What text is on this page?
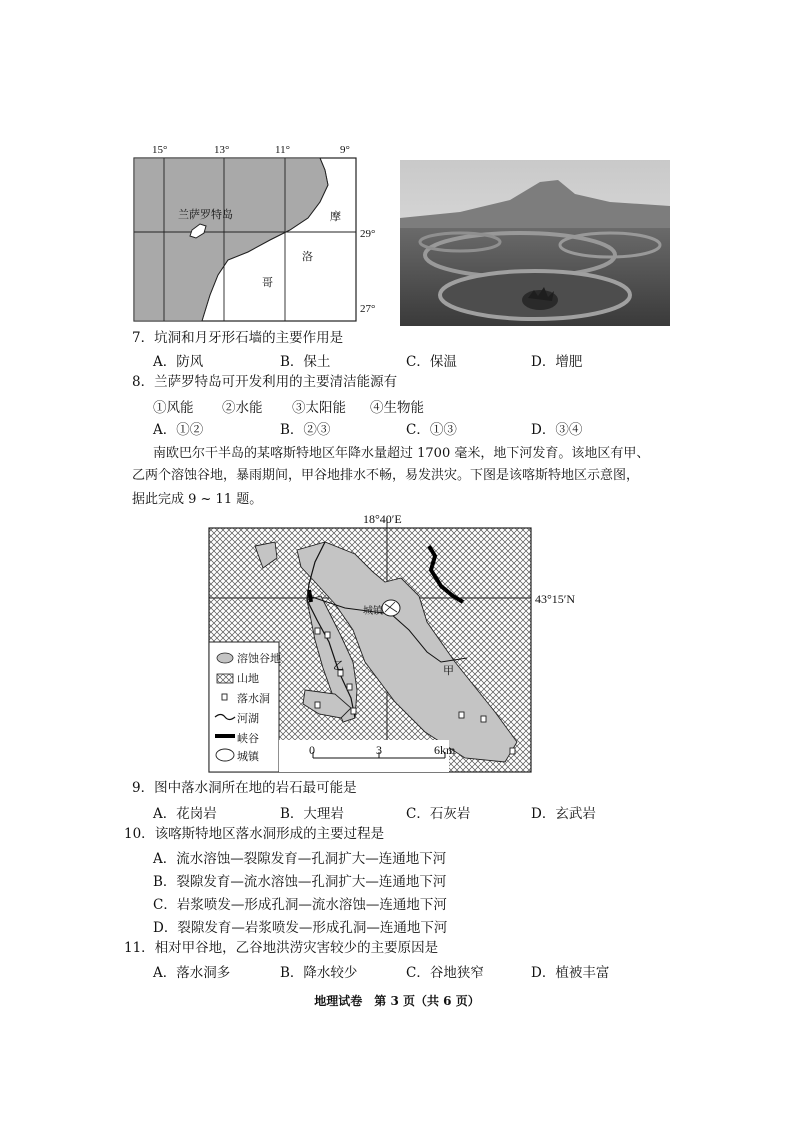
15°	13°	11°	9°
29°
27°
兰萨罗特岛	摩
洛
哥
7．坑洞和月牙形石墙的主要作用是
A．防风	B．保土	C．保温	D．增肥
8．兰萨罗特岛可开发利用的主要清洁能源有
①风能 ②水能 ③太阳能 ④生物能
A．①②	B．②③	C．①③	D．③④
南欧巴尔干半岛的某喀斯特地区年降水量超过 1700 毫米，地下河发育。该地区有甲、
乙两个溶蚀谷地，暴雨期间，甲谷地排水不畅，易发洪灾。下图是该喀斯特地区示意图，
据此完成 9 ~ 11 题。
18°40′E
43°15′N
城镇
甲
乙
溶蚀谷地
山地
落水洞
河湖
峡谷
城镇	0	3	6km
9．图中落水洞所在地的岩石最可能是
A．花岗岩	B．大理岩	C．石灰岩	D．玄武岩
10．该喀斯特地区落水洞形成的主要过程是
A．流水溶蚀—裂隙发育—孔洞扩大—连通地下河
B．裂隙发育—流水溶蚀—孔洞扩大—连通地下河
C．岩浆喷发—形成孔洞—流水溶蚀—连通地下河
D．裂隙发育—岩浆喷发—形成孔洞—连通地下河
11．相对甲谷地，乙谷地洪涝灾害较少的主要原因是
A．落水洞多	B．降水较少	C．谷地狭窄	D．植被丰富
地理试卷　第 3 页（共 6 页）
